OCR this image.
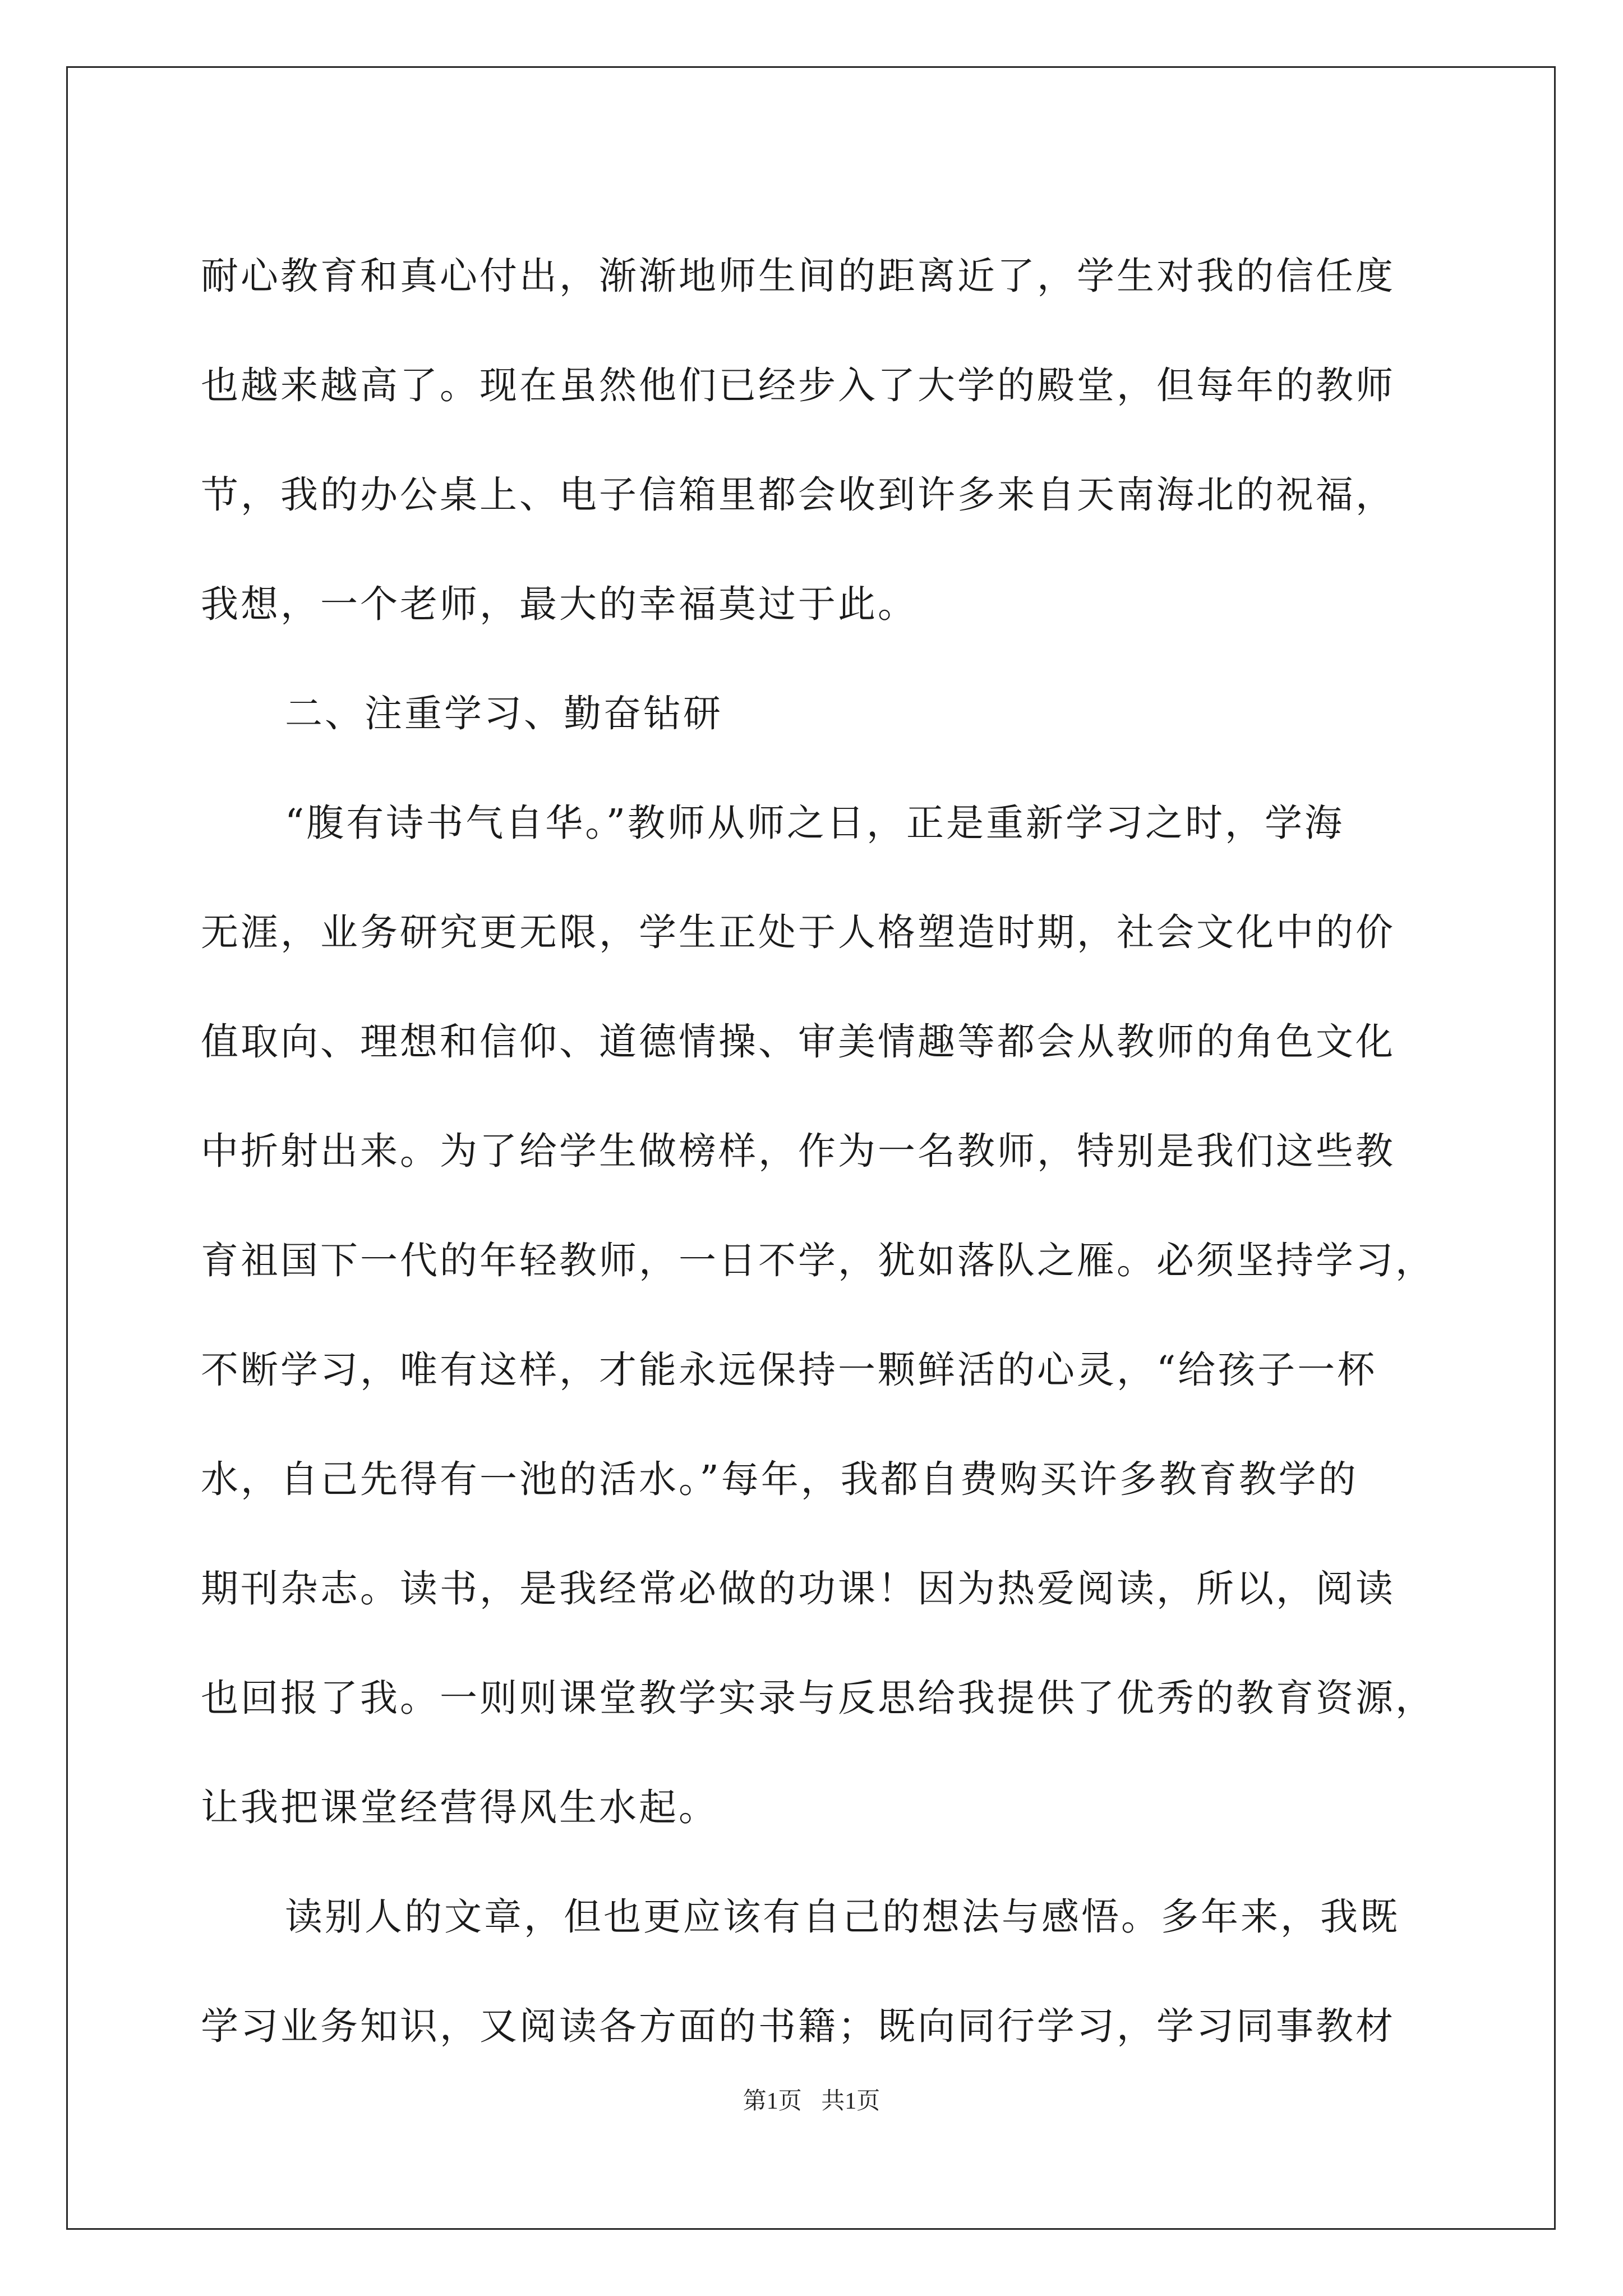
耐心教育和真心付出，渐渐地师生间的距离近了，学生对我的信任度
也越来越高了。现在虽然他们已经步入了大学的殿堂，但每年的教师
节，我的办公桌上、电子信箱里都会收到许多来自天南海北的祝福，
我想，一个老师，最大的幸福莫过于此。
二、注重学习、勤奋钻研
“腹有诗书气自华。”教师从师之日，正是重新学习之时，学海
无涯，业务研究更无限，学生正处于人格塑造时期，社会文化中的价
值取向、理想和信仰、道德情操、审美情趣等都会从教师的角色文化
中折射出来。为了给学生做榜样，作为一名教师，特别是我们这些教
育祖国下一代的年轻教师，一日不学，犹如落队之雁。必须坚持学习，
不断学习，唯有这样，才能永远保持一颗鲜活的心灵，“给孩子一杯
水，自己先得有一池的活水。”每年，我都自费购买许多教育教学的
期刊杂志。读书，是我经常必做的功课！因为热爱阅读，所以，阅读
也回报了我。一则则课堂教学实录与反思给我提供了优秀的教育资源，
让我把课堂经营得风生水起。
读别人的文章，但也更应该有自己的想法与感悟。多年来，我既
学习业务知识，又阅读各方面的书籍；既向同行学习，学习同事教材
第1页 共1页
